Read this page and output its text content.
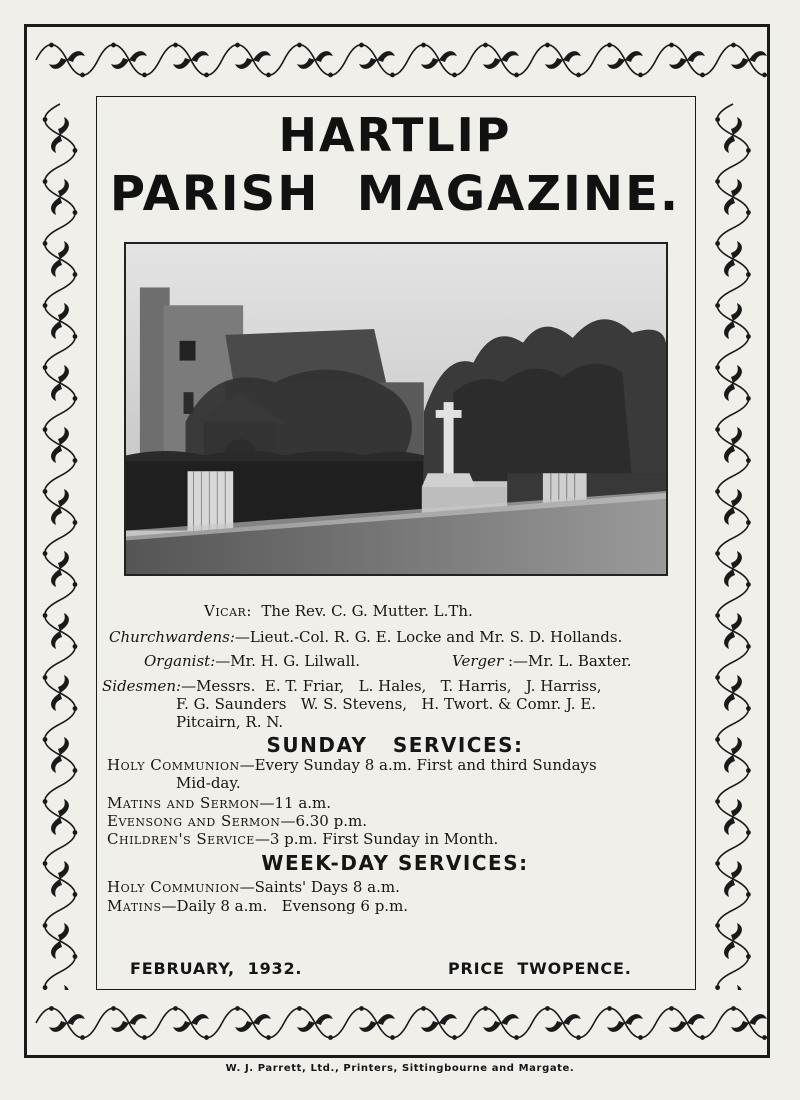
HARTLIP
PARISH  MAGAZINE.
Vicar: The Rev. C. G. Mutter. L.Th.
Churchwardens:—Lieut.-Col. R. G. E. Locke and Mr. S. D. Hollands.
Organist:—Mr. H. G. Lilwall.	Verger :—Mr. L. Baxter.
Sidesmen:—Messrs.  E. T. Friar,   L. Hales,   T. Harris,   J. Harriss,
F. G. Saunders   W. S. Stevens,   H. Twort. & Comr. J. E.
Pitcairn, R. N.
SUNDAY   SERVICES:
Holy Communion—Every Sunday 8 a.m. First and third Sundays
Mid-day.
Matins and Sermon—11 a.m.
Evensong and Sermon—6.30 p.m.
Children's Service—3 p.m. First Sunday in Month.
WEEK-DAY SERVICES:
Holy Communion—Saints' Days 8 a.m.
Matins—Daily 8 a.m.   Evensong 6 p.m.
FEBRUARY,  1932.	PRICE  TWOPENCE.
W. J. Parrett, Ltd., Printers, Sittingbourne and Margate.
